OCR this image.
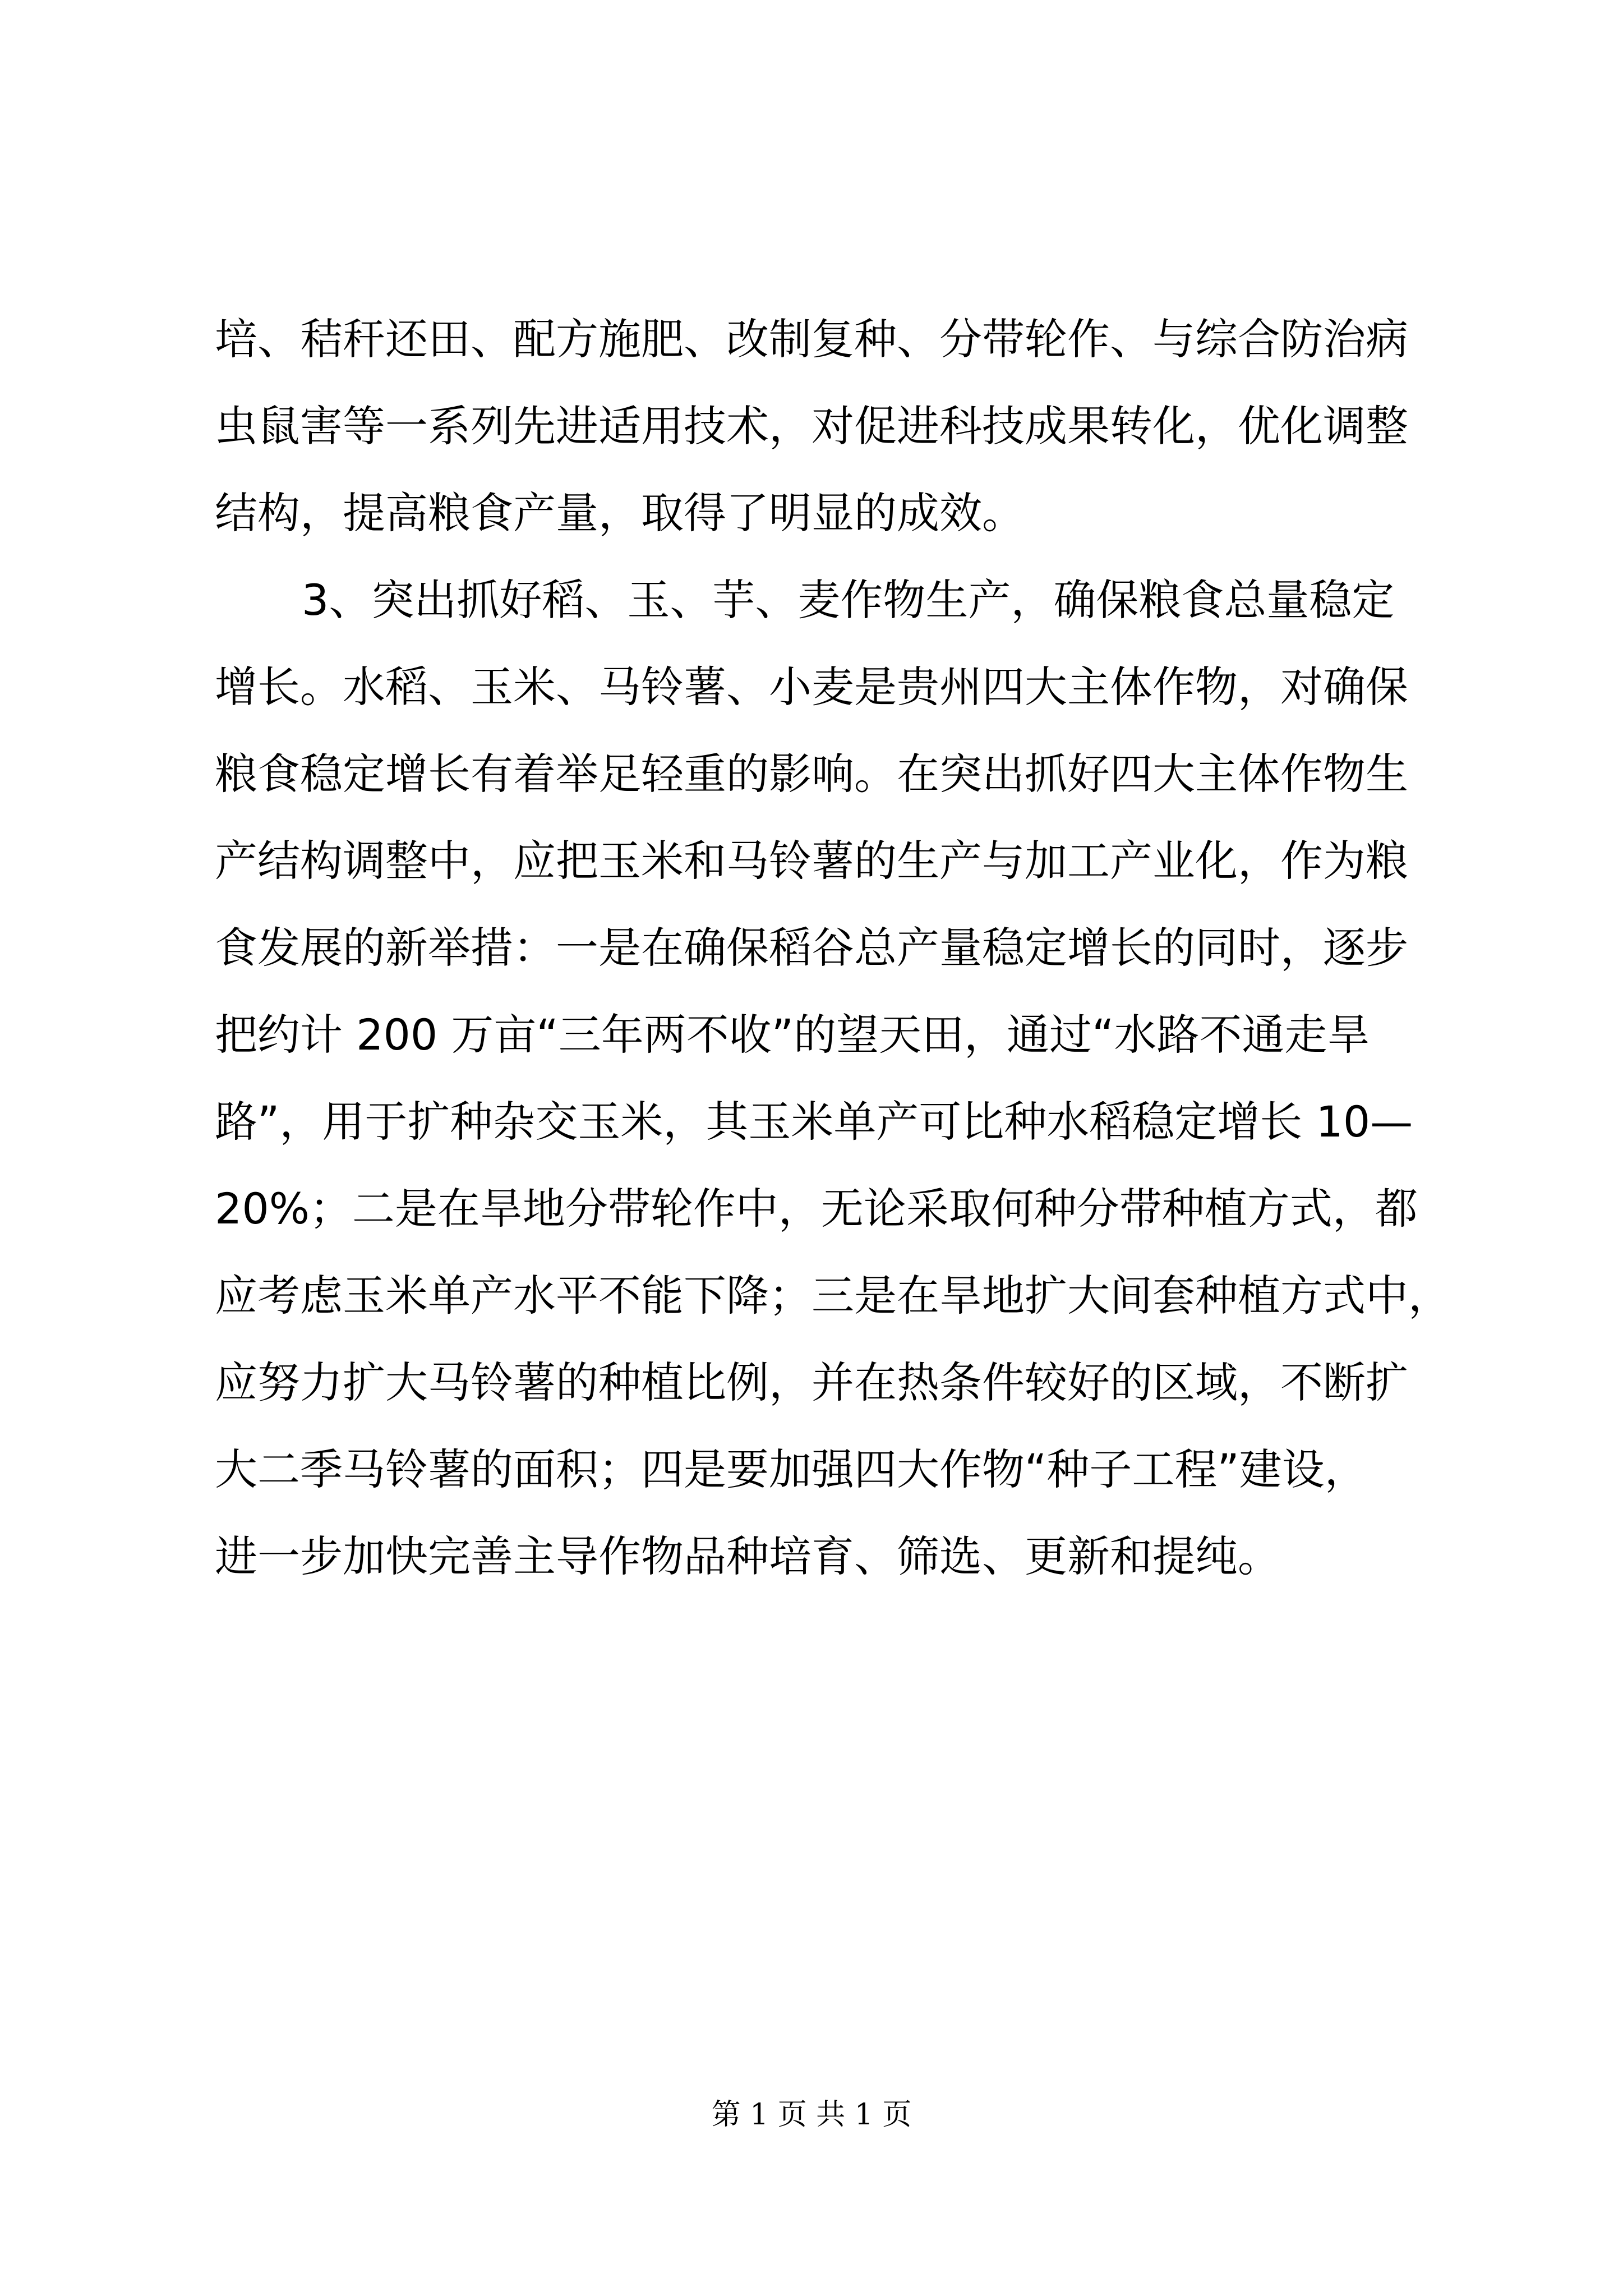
培、秸秆还田、配方施肥、改制复种、分带轮作、与综合防治病
虫鼠害等一系列先进适用技术，对促进科技成果转化，优化调整
结构，提高粮食产量，取得了明显的成效。
3、突出抓好稻、玉、芋、麦作物生产，确保粮食总量稳定
增长。水稻、玉米、马铃薯、小麦是贵州四大主体作物，对确保
粮食稳定增长有着举足轻重的影响。在突出抓好四大主体作物生
产结构调整中，应把玉米和马铃薯的生产与加工产业化，作为粮
食发展的新举措：一是在确保稻谷总产量稳定增长的同时，逐步
把约计 200 万亩“三年两不收”的望天田，通过“水路不通走旱
路”，用于扩种杂交玉米，其玉米单产可比种水稻稳定增长 10—
20%；二是在旱地分带轮作中，无论采取何种分带种植方式，都
应考虑玉米单产水平不能下降；三是在旱地扩大间套种植方式中，
应努力扩大马铃薯的种植比例，并在热条件较好的区域，不断扩
大二季马铃薯的面积；四是要加强四大作物“种子工程”建设，
进一步加快完善主导作物品种培育、筛选、更新和提纯。
第 1 页 共 1 页
